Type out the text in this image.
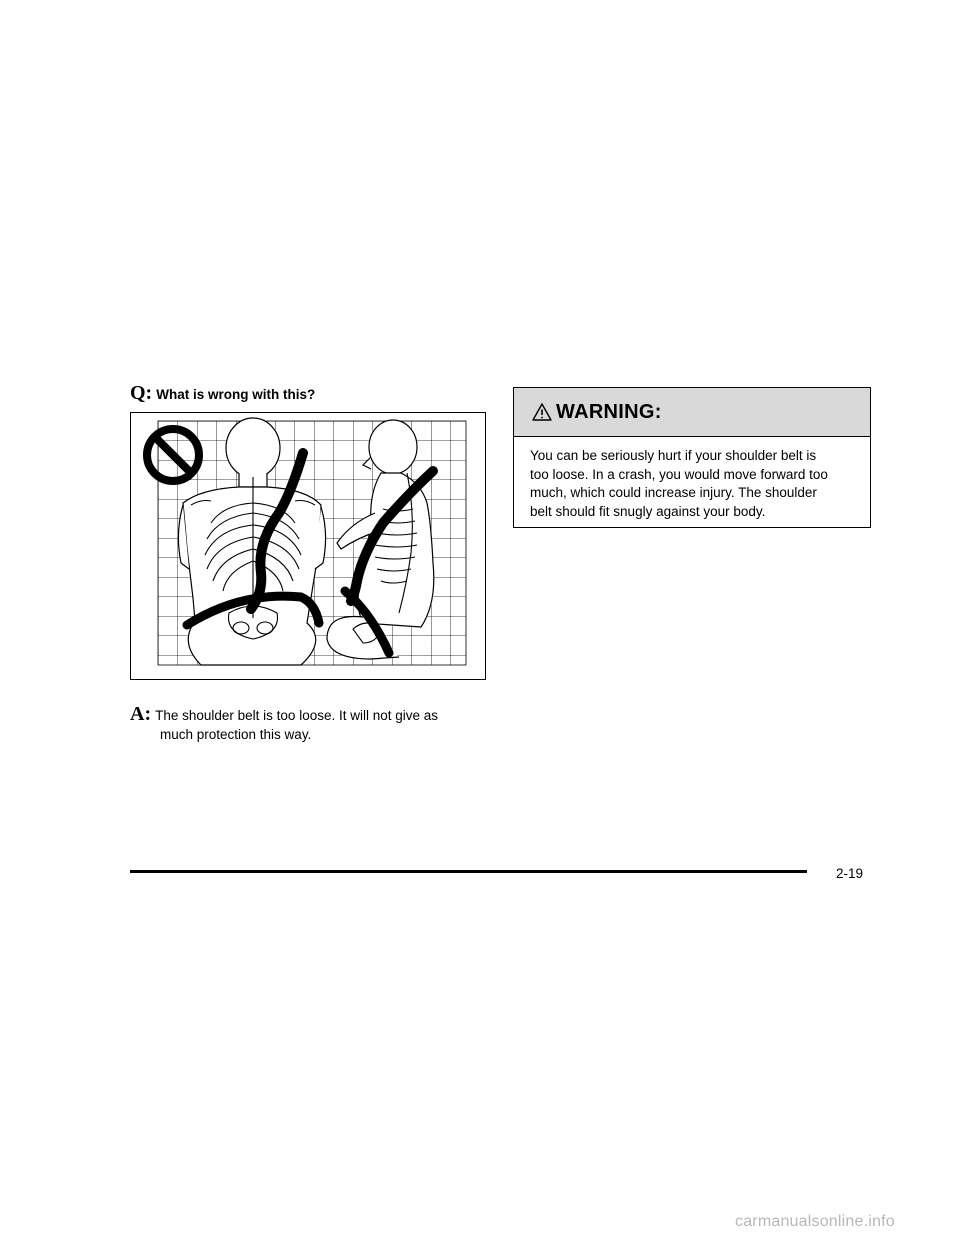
Q: What is wrong with this?
A: The shoulder belt is too loose. It will not give as
much protection this way.
WARNING:
You can be seriously hurt if your shoulder belt is
too loose. In a crash, you would move forward too
much, which could increase injury. The shoulder
belt should fit snugly against your body.
2-19
carmanualsonline.info
